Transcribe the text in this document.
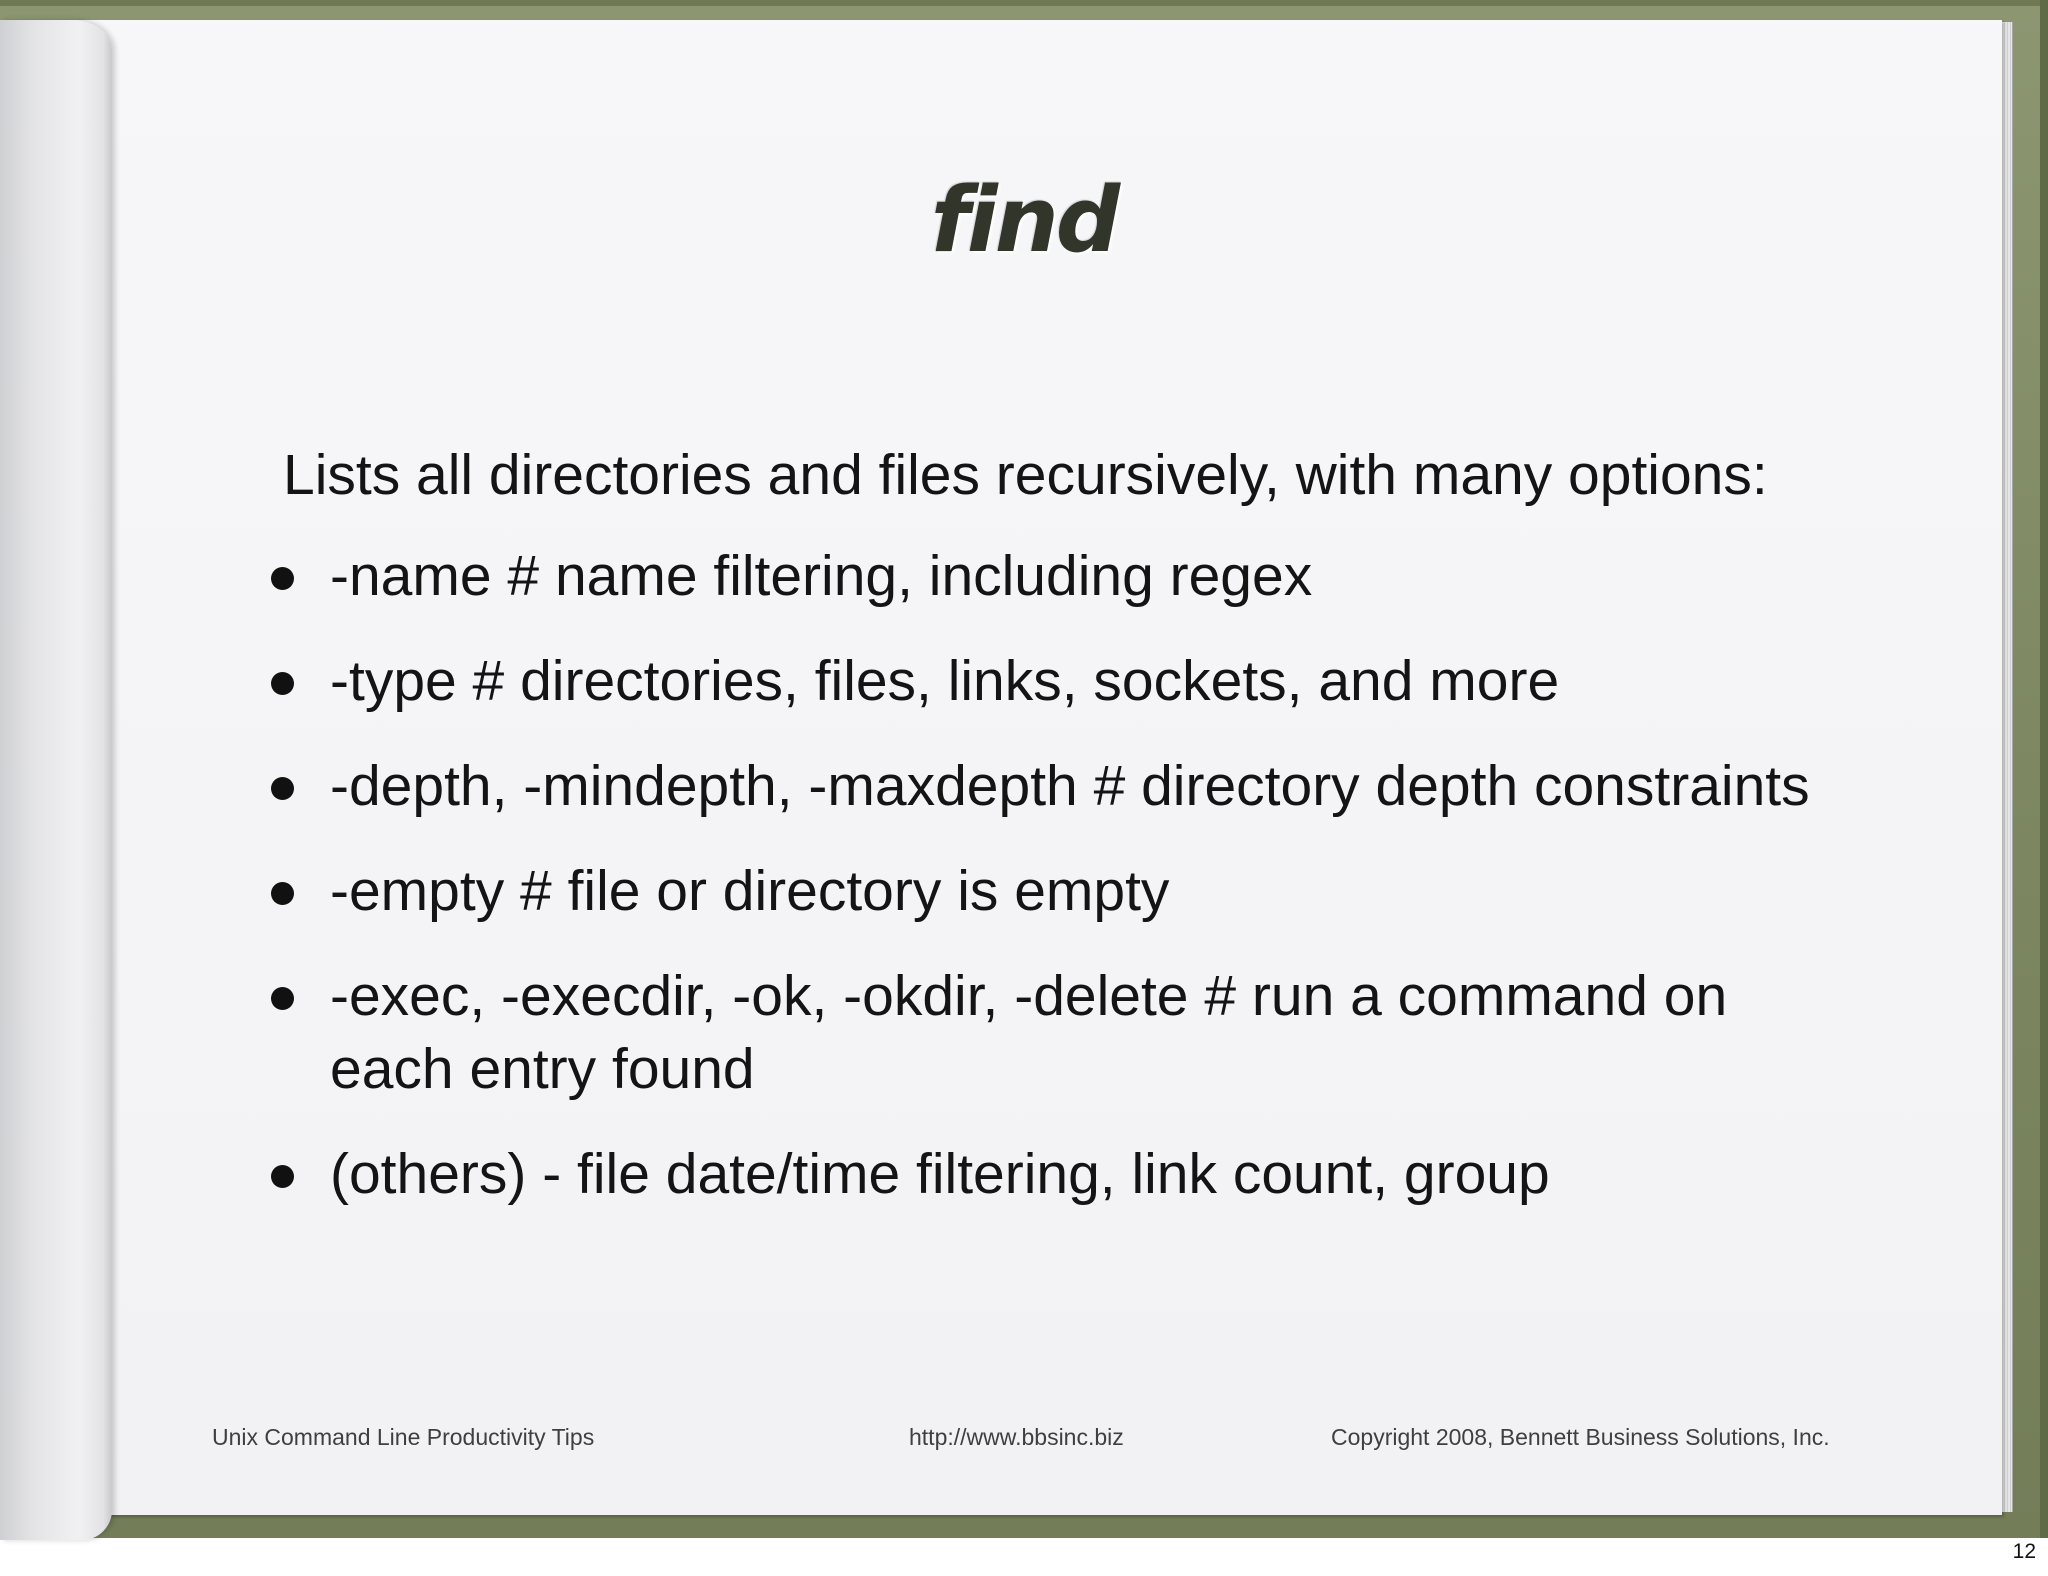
find
Lists all directories and files recursively, with many options:
-name # name filtering, including regex
-type # directories, files, links, sockets, and more
-depth, -mindepth, -maxdepth # directory depth constraints
-empty # file or directory is empty
-exec, -execdir, -ok, -okdir, -delete # run a command on each entry found
(others) - file date/time filtering, link count, group
Unix Command Line Productivity Tips	http://www.bbsinc.biz	Copyright 2008, Bennett Business Solutions, Inc.
12
